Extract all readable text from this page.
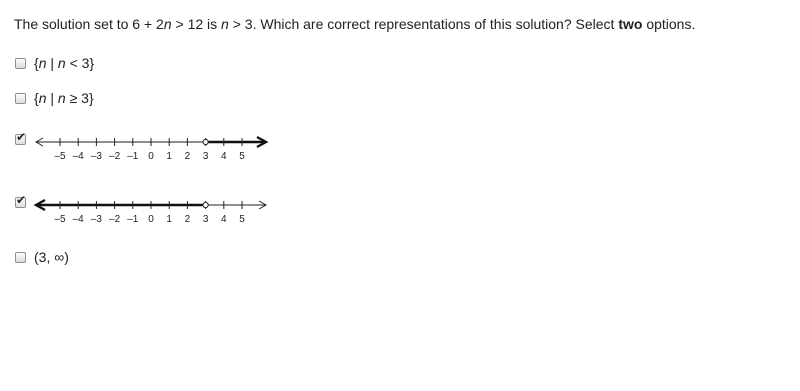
The solution set to 6 + 2n > 12 is n > 3. Which are correct representations of this solution? Select two options.
{n | n < 3}
{n | n ≥ 3}
✔
–5 –4 –3 –2 –1 0 1 2 3 4 5
✔
–5 –4 –3 –2 –1 0 1 2 3 4 5
(3, ∞)
